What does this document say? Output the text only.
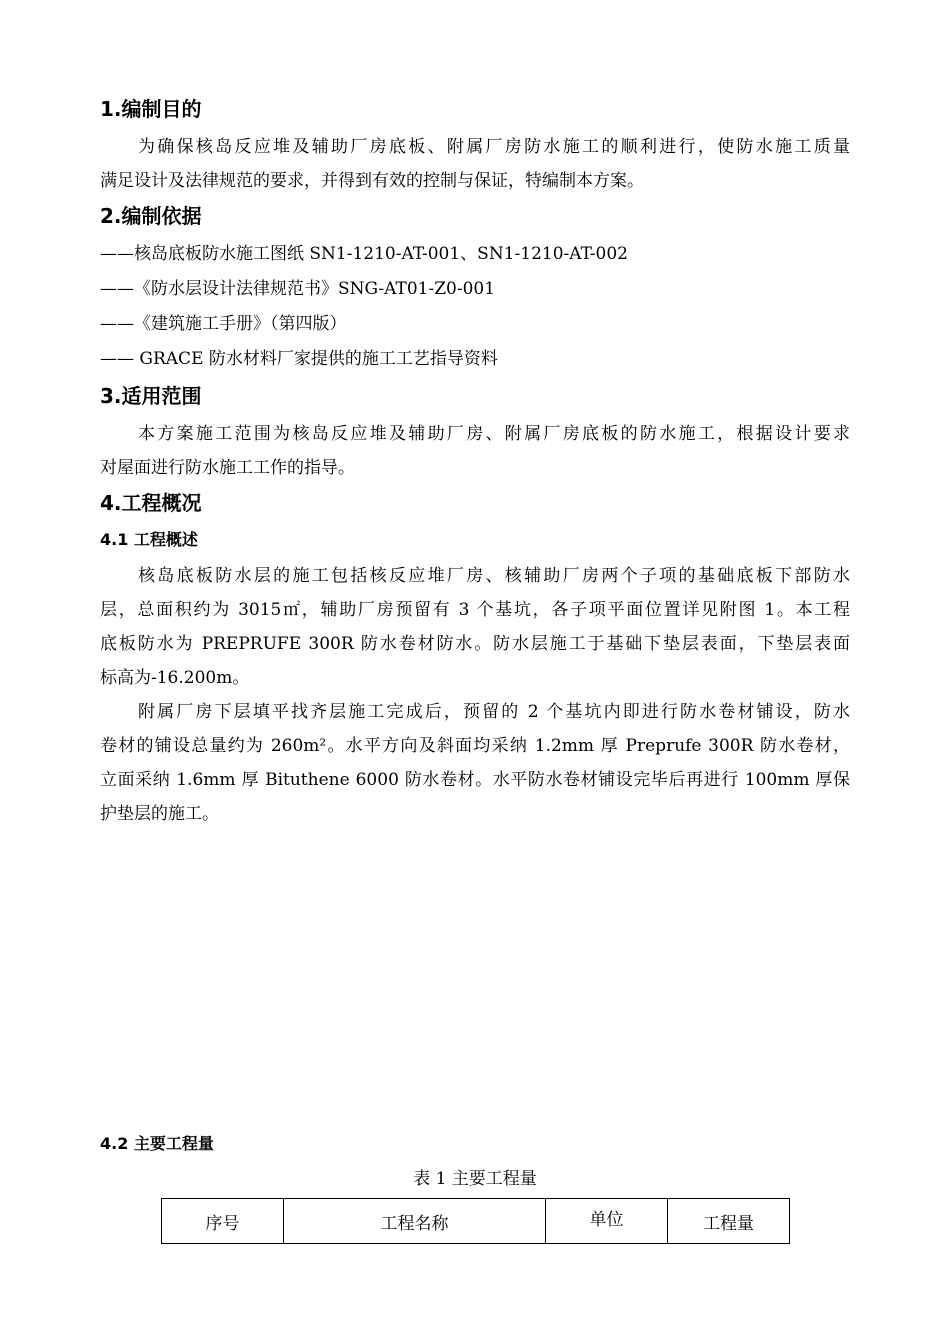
1.编制目的
为确保核岛反应堆及辅助厂房底板、附属厂房防水施工的顺利进行，使防水施工质量
满足设计及法律规范的要求，并得到有效的控制与保证，特编制本方案。
2.编制依据
——核岛底板防水施工图纸 SN1-1210-AT-001、SN1-1210-AT-002
——《防水层设计法律规范书》SNG-AT01-Z0-001
——《建筑施工手册》（第四版）
—— GRACE 防水材料厂家提供的施工工艺指导资料
3.适用范围
本方案施工范围为核岛反应堆及辅助厂房、附属厂房底板的防水施工，根据设计要求
对屋面进行防水施工工作的指导。
4.工程概况
4.1 工程概述
核岛底板防水层的施工包括核反应堆厂房、核辅助厂房两个子项的基础底板下部防水
层，总面积约为 3015㎡，辅助厂房预留有 3 个基坑，各子项平面位置详见附图 1。本工程
底板防水为 PREPRUFE 300R 防水卷材防水。防水层施工于基础下垫层表面，下垫层表面
标高为-16.200m。
附属厂房下层填平找齐层施工完成后，预留的 2 个基坑内即进行防水卷材铺设，防水
卷材的铺设总量约为 260m²。水平方向及斜面均采纳 1.2mm 厚 Preprufe 300R 防水卷材，
立面采纳 1.6mm 厚 Bituthene 6000 防水卷材。水平防水卷材铺设完毕后再进行 100mm 厚保
护垫层的施工。
4.2 主要工程量
表 1 主要工程量
序号	工程名称	单位	工程量
